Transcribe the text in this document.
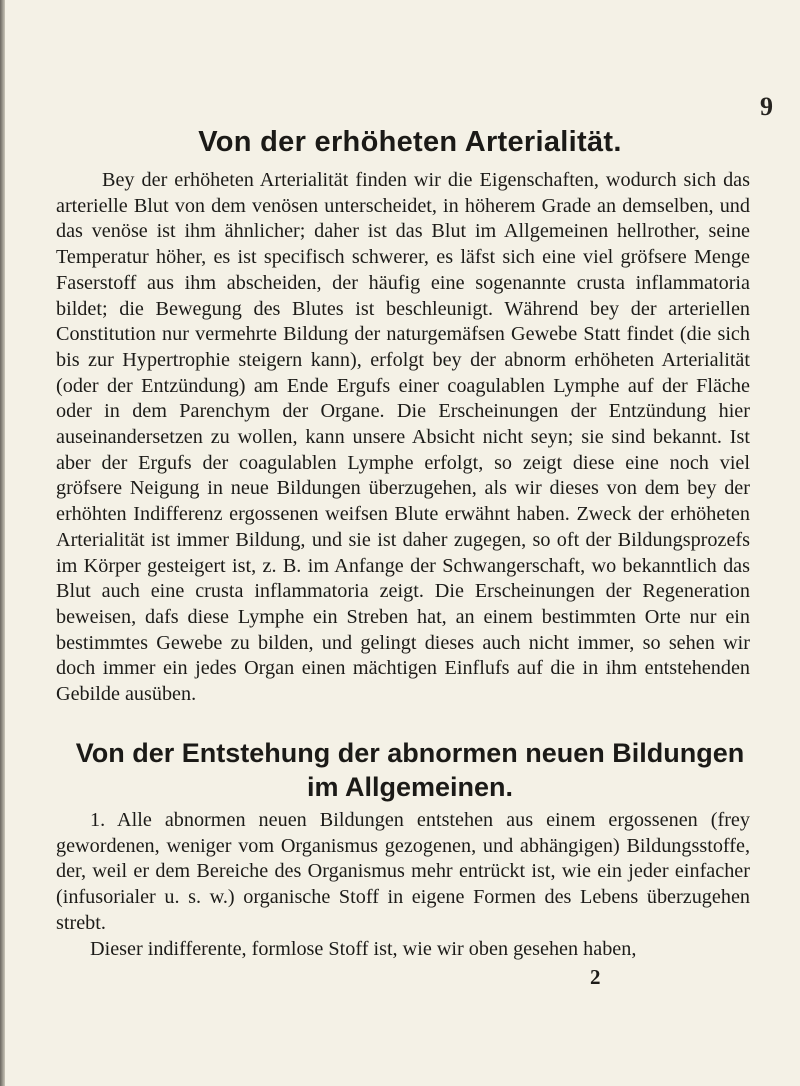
9
Von der erhöheten Arterialität.

Bey der erhöheten Arterialität finden wir die Eigenschaften, wodurch sich das arterielle Blut von dem venösen unterscheidet, in höherem Grade an demselben, und das venöse ist ihm ähnlicher; daher ist das Blut im Allgemeinen hellrother, seine Temperatur höher, es ist specifisch schwerer, es läfst sich eine viel gröfsere Menge Faserstoff aus ihm abscheiden, der häufig eine sogenannte crusta inflammatoria bildet; die Bewegung des Blutes ist beschleunigt. Während bey der arteriellen Constitution nur vermehrte Bildung der naturgemäfsen Gewebe Statt findet (die sich bis zur Hypertrophie steigern kann), erfolgt bey der abnorm erhöheten Arterialität (oder der Entzündung) am Ende Ergufs einer coagulablen Lymphe auf der Fläche oder in dem Parenchym der Organe. Die Erscheinungen der Entzündung hier auseinandersetzen zu wollen, kann unsere Absicht nicht seyn; sie sind bekannt. Ist aber der Ergufs der coagulablen Lymphe erfolgt, so zeigt diese eine noch viel gröfsere Neigung in neue Bildungen überzugehen, als wir dieses von dem bey der erhöhten Indifferenz ergossenen weifsen Blute erwähnt haben. Zweck der erhöheten Arterialität ist immer Bildung, und sie ist daher zugegen, so oft der Bildungsprozefs im Körper gesteigert ist, z. B. im Anfange der Schwangerschaft, wo bekanntlich das Blut auch eine crusta inflammatoria zeigt. Die Erscheinungen der Regeneration beweisen, dafs diese Lymphe ein Streben hat, an einem bestimmten Orte nur ein bestimmtes Gewebe zu bilden, und gelingt dieses auch nicht immer, so sehen wir doch immer ein jedes Organ einen mächtigen Einflufs auf die in ihm entstehenden Gebilde ausüben.

Von der Entstehung der abnormen neuen Bildungen
im Allgemeinen.

1. Alle abnormen neuen Bildungen entstehen aus einem ergossenen (frey gewordenen, weniger vom Organismus gezogenen, und abhängigen) Bildungsstoffe, der, weil er dem Bereiche des Organismus mehr entrückt ist, wie ein jeder einfacher (infusorialer u. s. w.) organische Stoff in eigene Formen des Lebens überzugehen strebt.

Dieser indifferente, formlose Stoff ist, wie wir oben gesehen haben,

2
